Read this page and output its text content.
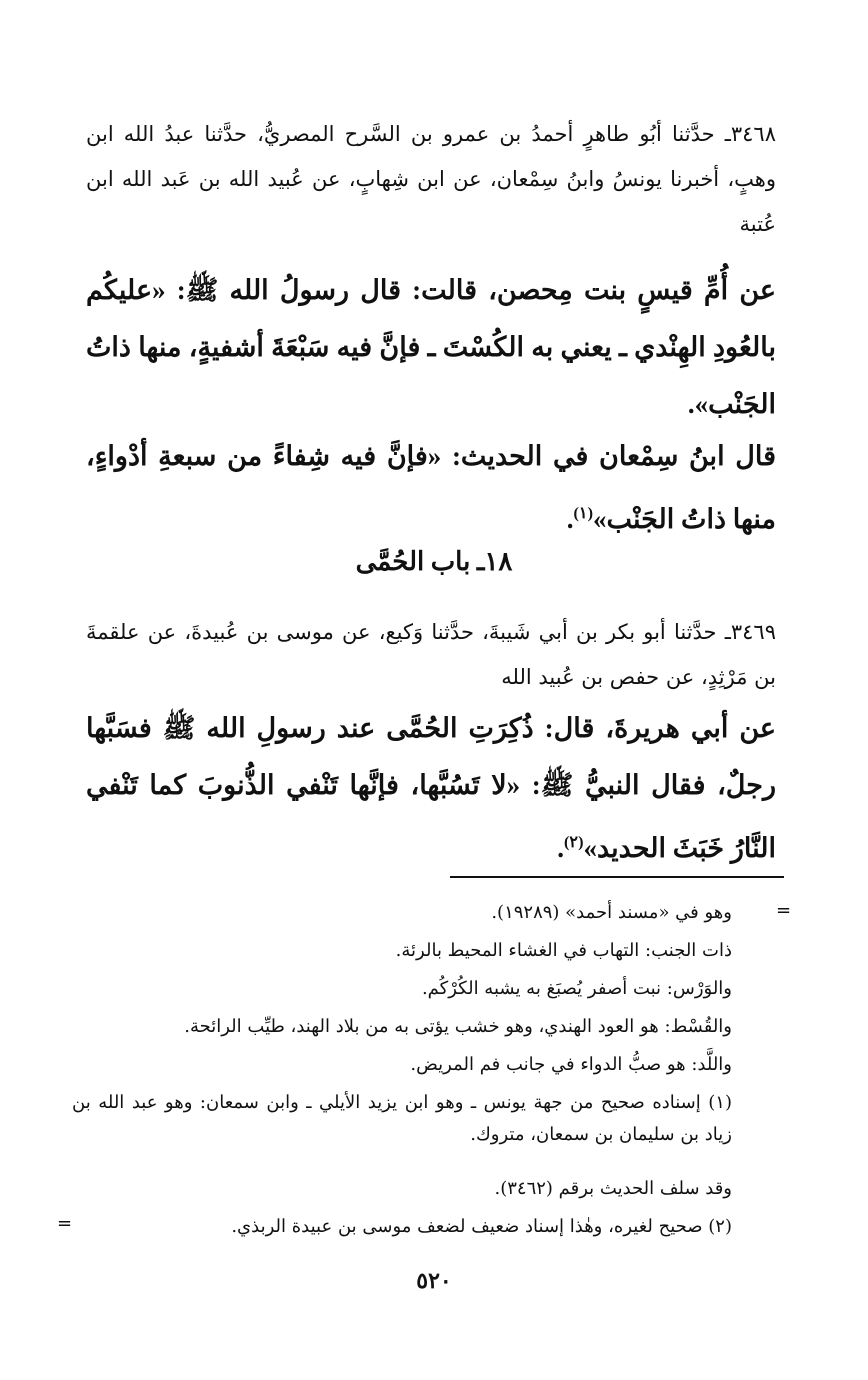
٣٤٦٨ـ حدَّثنا أبُو طاهرٍ أحمدُ بن عمرو بن السَّرح المصريُّ، حدَّثنا عبدُ الله ابن وهبٍ، أخبرنا يونسُ وابنُ سِمْعان، عن ابن شِهابٍ، عن عُبيد الله بن عَبد الله ابن عُتبة

عن أُمِّ قيسٍ بنت مِحصن، قالت: قال رسولُ الله ﷺ: «عليكُم بالعُودِ الهِنْدي ـ يعني به الكُسْتَ ـ فإنَّ فيه سَبْعَةَ أشفيةٍ، منها ذاتُ الجَنْب».

قال ابنُ سِمْعان في الحديث: «فإنَّ فيه شِفاءً من سبعةِ أدْواءٍ، منها ذاتُ الجَنْب»$^{(١)}$.

١٨ـ باب الحُمَّى

٣٤٦٩ـ حدَّثنا أبو بكر بن أبي شَيبةَ، حدَّثنا وَكيع، عن موسى بن عُبيدةَ، عن علقمةَ بن مَرْثِدٍ، عن حفص بن عُبيد الله

عن أبي هريرةَ، قال: ذُكِرَتِ الحُمَّى عند رسولِ الله ﷺ فسَبَّها رجلٌ، فقال النبيُّ ﷺ: «لا تَسُبَّها، فإنَّها تَنْفي الذُّنوبَ كما تَنْفي النَّارُ خَبَثَ الحديد»$^{(٢)}$.

=

وهو في «مسند أحمد» (١٩٢٨٩).

ذات الجنب: التهاب في الغشاء المحيط بالرئة.

والوَرْس: نبت أصفر يُصبَغ به يشبه الكُرْكُم.

والقُسْط: هو العود الهندي، وهو خشب يؤتى به من بلاد الهند، طيِّب الرائحة.

واللَّد: هو صبُّ الدواء في جانب فم المريض.

(١) إسناده صحيح من جهة يونس ـ وهو ابن يزيد الأيلي ـ وابن سمعان: وهو عبد الله بن زياد بن سليمان بن سمعان، متروك.

وقد سلف الحديث برقم (٣٤٦٢).

(٢) صحيح لغيره، وهٰذا إسناد ضعيف لضعف موسى بن عبيدة الربذي.

=
٥٢٠
